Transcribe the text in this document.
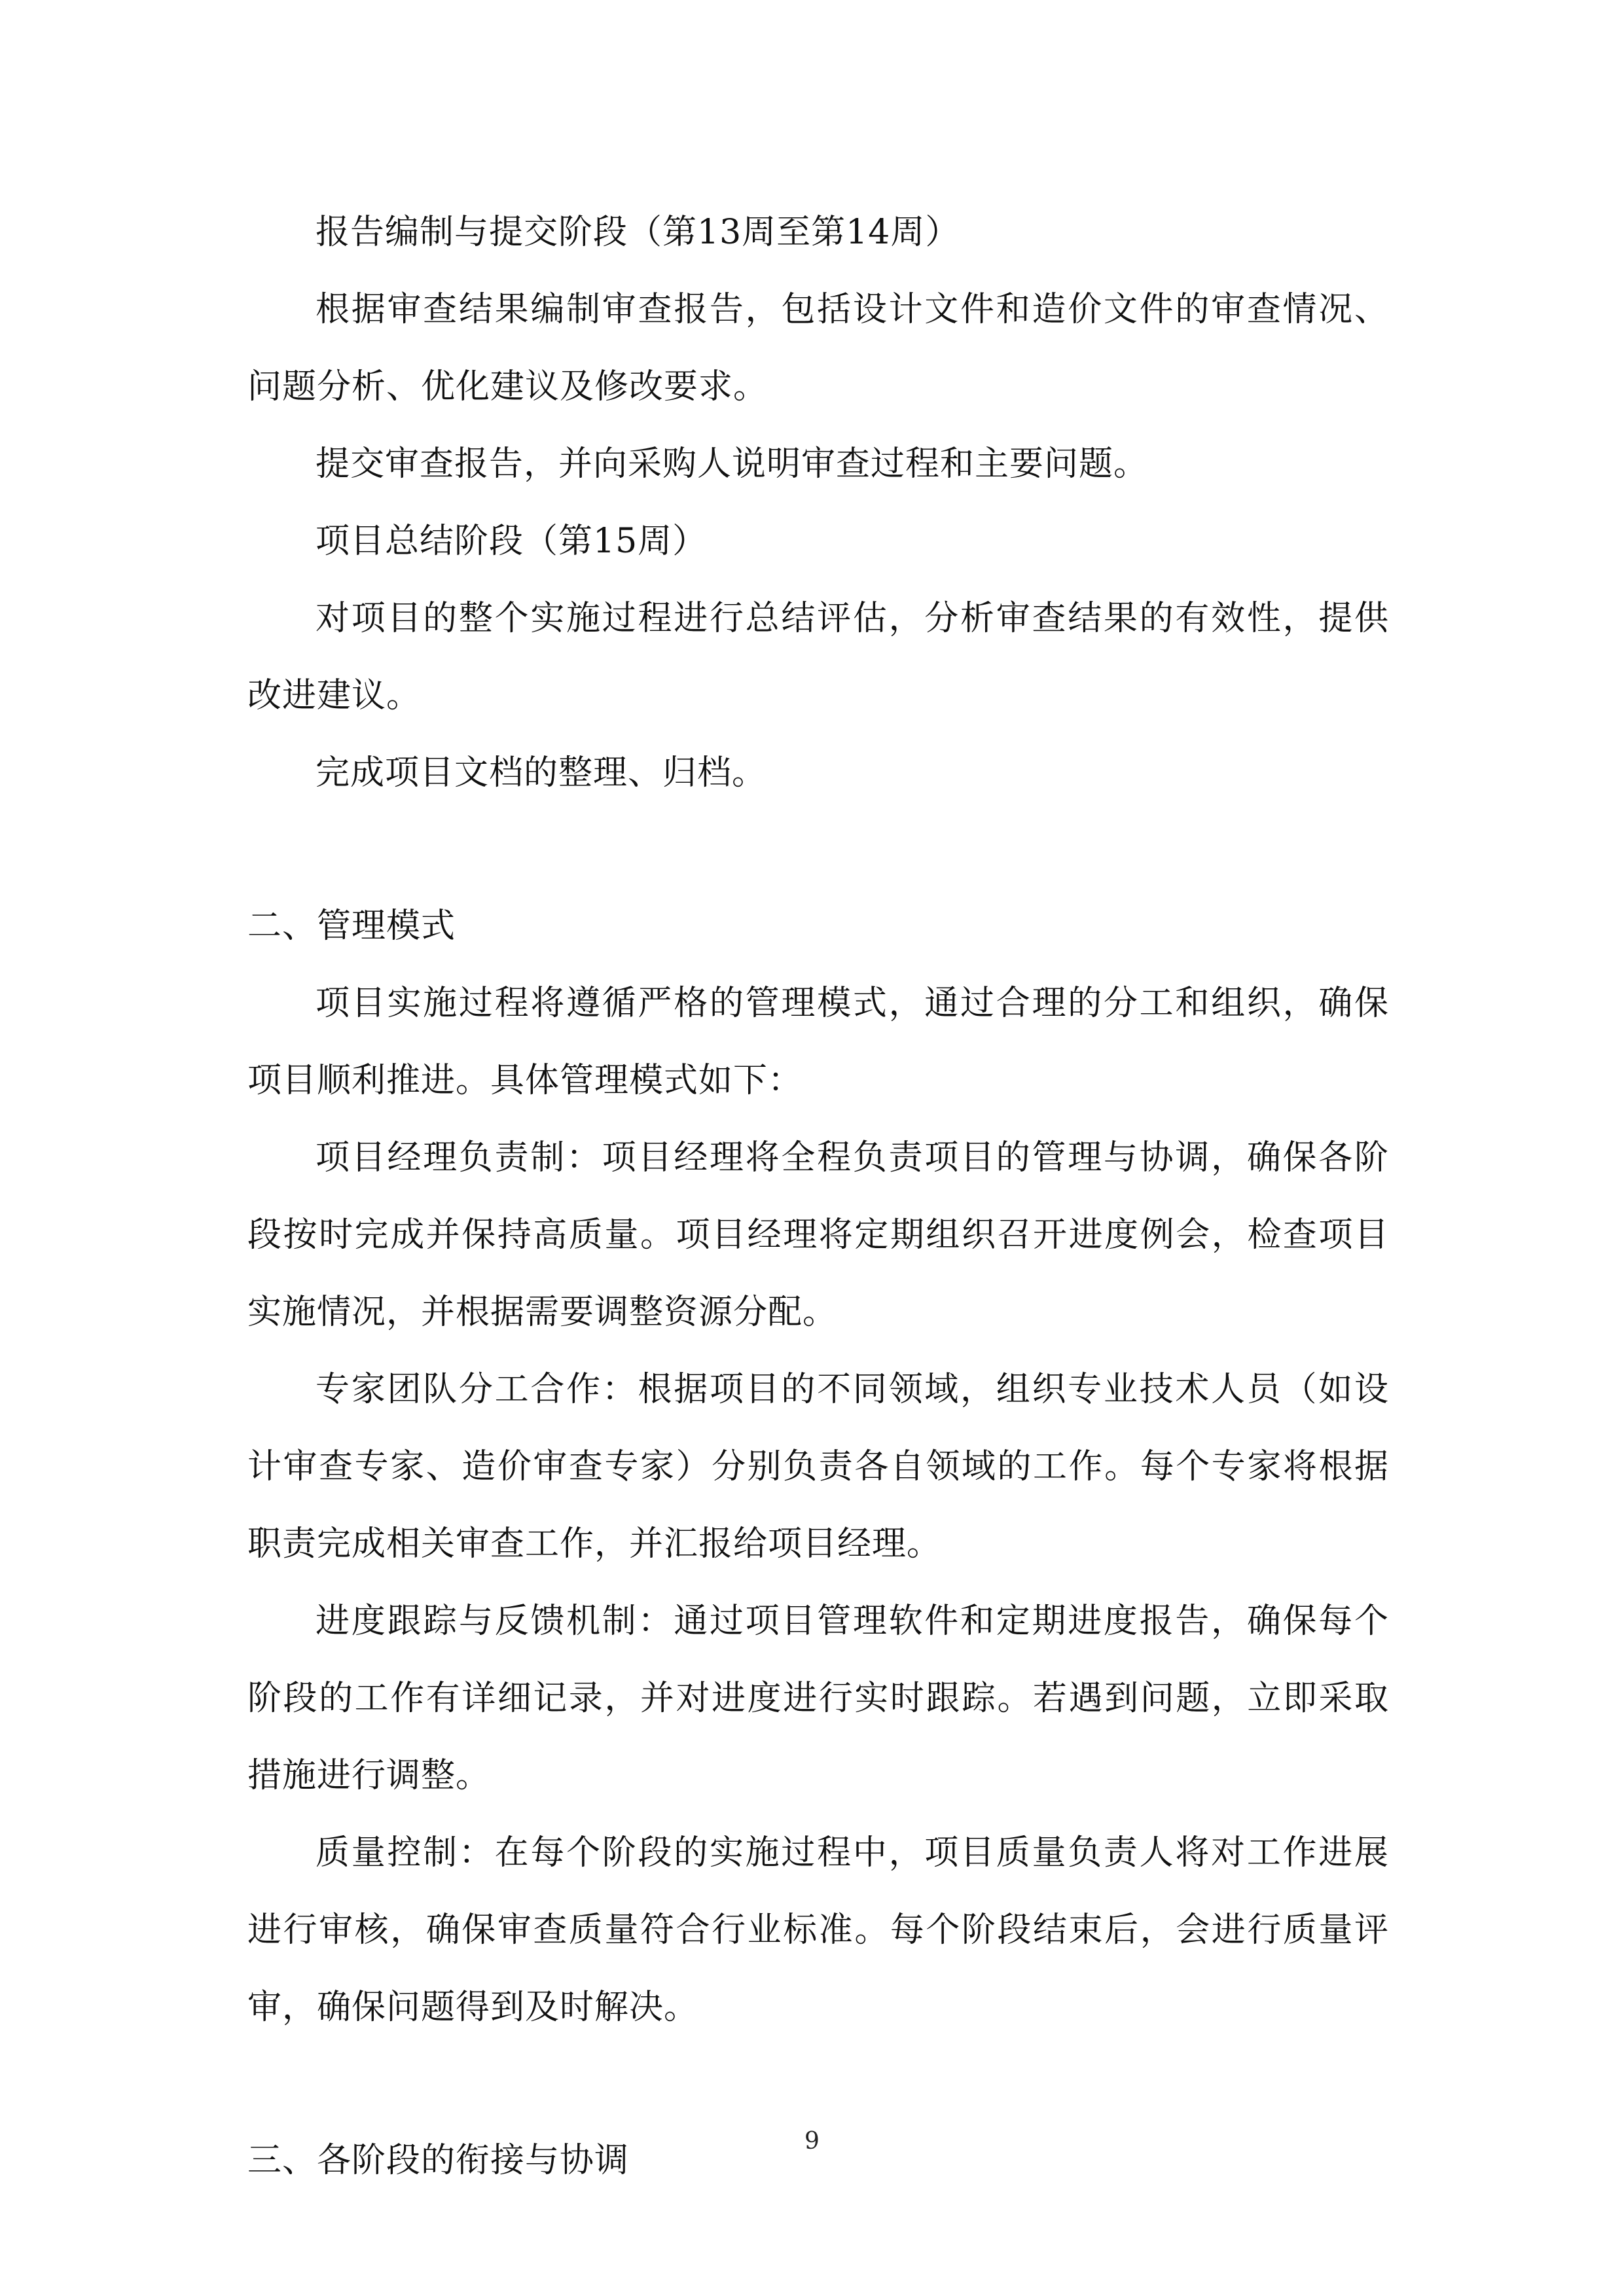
报告编制与提交阶段（第13周至第14周）

根据审查结果编制审查报告，包括设计文件和造价文件的审查情况、问题分析、优化建议及修改要求。

提交审查报告，并向采购人说明审查过程和主要问题。

项目总结阶段（第15周）

对项目的整个实施过程进行总结评估，分析审查结果的有效性，提供改进建议。

完成项目文档的整理、归档。

二、管理模式

项目实施过程将遵循严格的管理模式，通过合理的分工和组织，确保项目顺利推进。具体管理模式如下：

项目经理负责制：项目经理将全程负责项目的管理与协调，确保各阶段按时完成并保持高质量。项目经理将定期组织召开进度例会，检查项目实施情况，并根据需要调整资源分配。

专家团队分工合作：根据项目的不同领域，组织专业技术人员（如设计审查专家、造价审查专家）分别负责各自领域的工作。每个专家将根据职责完成相关审查工作，并汇报给项目经理。

进度跟踪与反馈机制：通过项目管理软件和定期进度报告，确保每个阶段的工作有详细记录，并对进度进行实时跟踪。若遇到问题，立即采取措施进行调整。

质量控制：在每个阶段的实施过程中，项目质量负责人将对工作进展进行审核，确保审查质量符合行业标准。每个阶段结束后，会进行质量评审，确保问题得到及时解决。

三、各阶段的衔接与协调	9
